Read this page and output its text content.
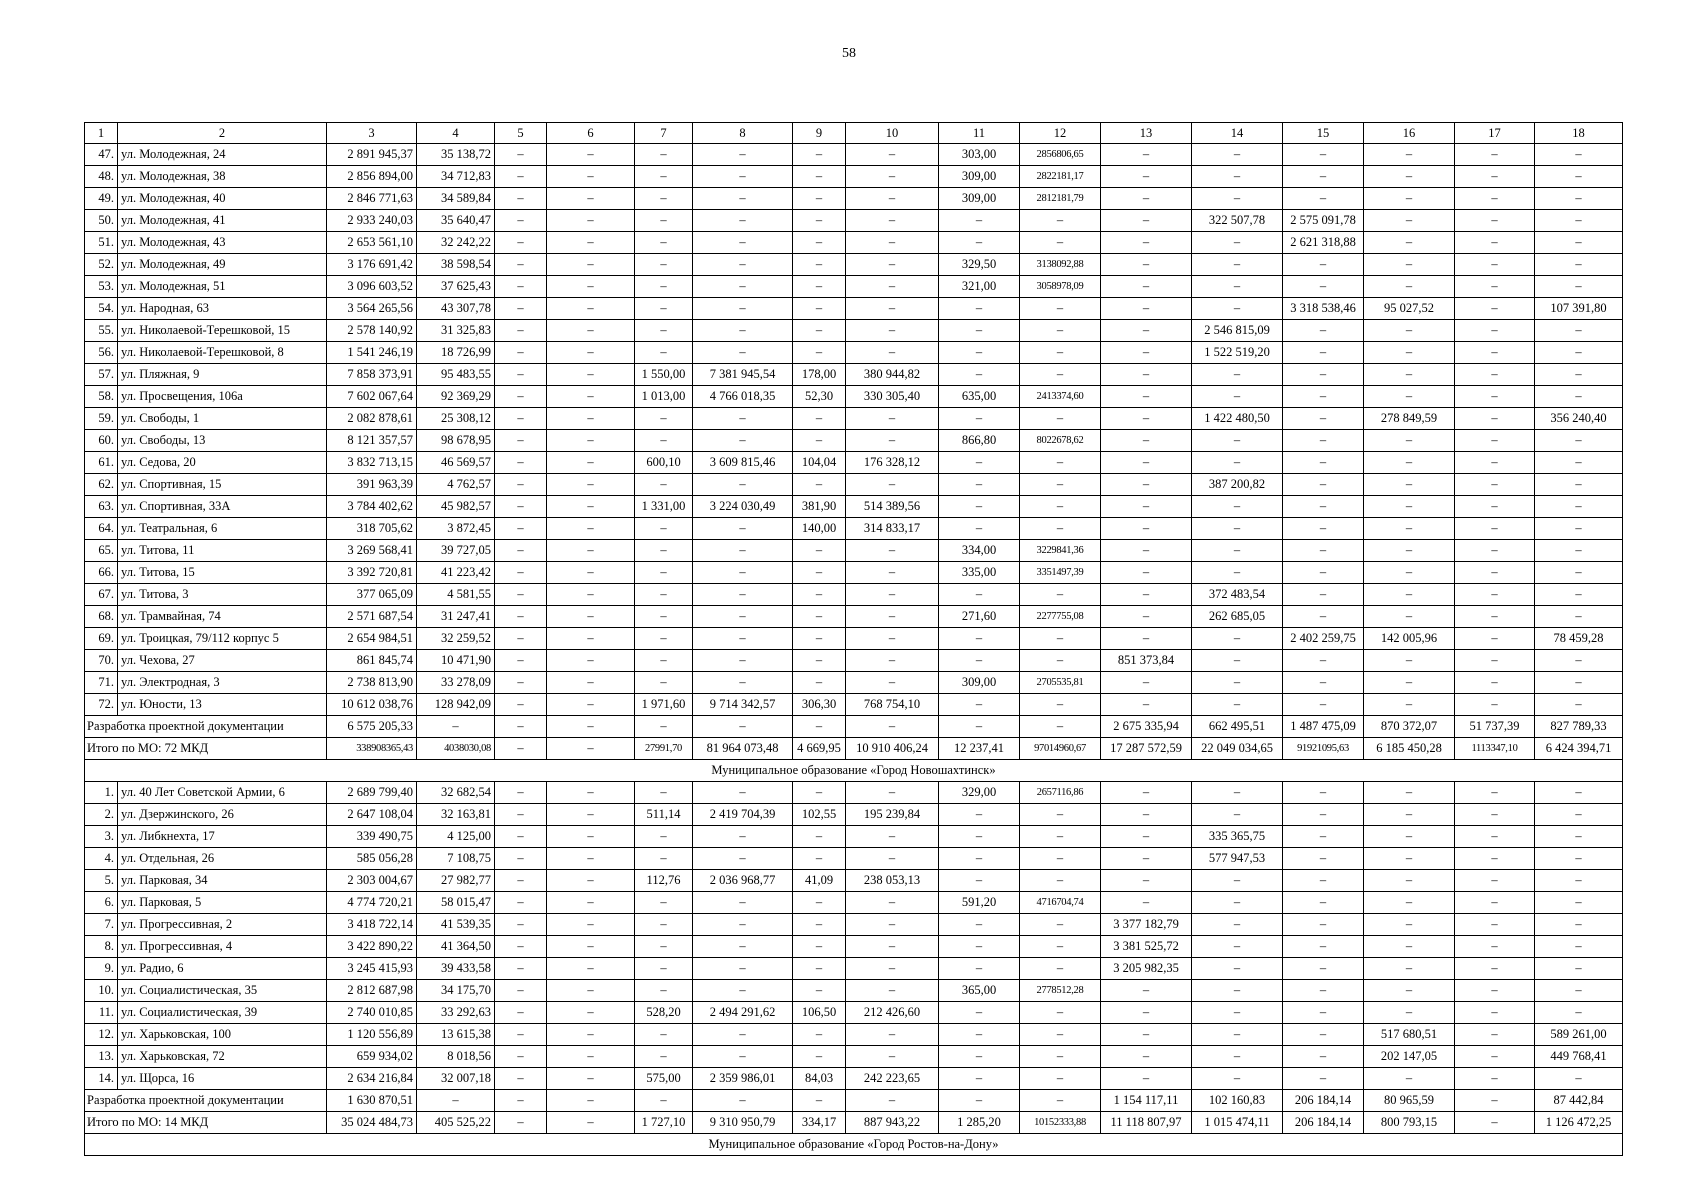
58
1	2	3	4	5	6	7	8	9	10	11	12	13	14	15	16	17	18
47.	ул. Молодежная, 24	2 891 945,37	35 138,72	–	–	–	–	–	–	303,00	2856806,65	–	–	–	–	–	–
48.	ул. Молодежная, 38	2 856 894,00	34 712,83	–	–	–	–	–	–	309,00	2822181,17	–	–	–	–	–	–
49.	ул. Молодежная, 40	2 846 771,63	34 589,84	–	–	–	–	–	–	309,00	2812181,79	–	–	–	–	–	–
50.	ул. Молодежная, 41	2 933 240,03	35 640,47	–	–	–	–	–	–	–	–	–	322 507,78	2 575 091,78	–	–	–
51.	ул. Молодежная, 43	2 653 561,10	32 242,22	–	–	–	–	–	–	–	–	–	–	2 621 318,88	–	–	–
52.	ул. Молодежная, 49	3 176 691,42	38 598,54	–	–	–	–	–	–	329,50	3138092,88	–	–	–	–	–	–
53.	ул. Молодежная, 51	3 096 603,52	37 625,43	–	–	–	–	–	–	321,00	3058978,09	–	–	–	–	–	–
54.	ул. Народная, 63	3 564 265,56	43 307,78	–	–	–	–	–	–	–	–	–	–	3 318 538,46	95 027,52	–	107 391,80
55.	ул. Николаевой-Терешковой, 15	2 578 140,92	31 325,83	–	–	–	–	–	–	–	–	–	2 546 815,09	–	–	–	–
56.	ул. Николаевой-Терешковой, 8	1 541 246,19	18 726,99	–	–	–	–	–	–	–	–	–	1 522 519,20	–	–	–	–
57.	ул. Пляжная, 9	7 858 373,91	95 483,55	–	–	1 550,00	7 381 945,54	178,00	380 944,82	–	–	–	–	–	–	–	–
58.	ул. Просвещения, 106а	7 602 067,64	92 369,29	–	–	1 013,00	4 766 018,35	52,30	330 305,40	635,00	2413374,60	–	–	–	–	–	–
59.	ул. Свободы, 1	2 082 878,61	25 308,12	–	–	–	–	–	–	–	–	–	1 422 480,50	–	278 849,59	–	356 240,40
60.	ул. Свободы, 13	8 121 357,57	98 678,95	–	–	–	–	–	–	866,80	8022678,62	–	–	–	–	–	–
61.	ул. Седова, 20	3 832 713,15	46 569,57	–	–	600,10	3 609 815,46	104,04	176 328,12	–	–	–	–	–	–	–	–
62.	ул. Спортивная, 15	391 963,39	4 762,57	–	–	–	–	–	–	–	–	–	387 200,82	–	–	–	–
63.	ул. Спортивная, 33А	3 784 402,62	45 982,57	–	–	1 331,00	3 224 030,49	381,90	514 389,56	–	–	–	–	–	–	–	–
64.	ул. Театральная, 6	318 705,62	3 872,45	–	–	–	–	140,00	314 833,17	–	–	–	–	–	–	–	–
65.	ул. Титова, 11	3 269 568,41	39 727,05	–	–	–	–	–	–	334,00	3229841,36	–	–	–	–	–	–
66.	ул. Титова, 15	3 392 720,81	41 223,42	–	–	–	–	–	–	335,00	3351497,39	–	–	–	–	–	–
67.	ул. Титова, 3	377 065,09	4 581,55	–	–	–	–	–	–	–	–	–	372 483,54	–	–	–	–
68.	ул. Трамвайная, 74	2 571 687,54	31 247,41	–	–	–	–	–	–	271,60	2277755,08	–	262 685,05	–	–	–	–
69.	ул. Троицкая, 79/112 корпус 5	2 654 984,51	32 259,52	–	–	–	–	–	–	–	–	–	–	2 402 259,75	142 005,96	–	78 459,28
70.	ул. Чехова, 27	861 845,74	10 471,90	–	–	–	–	–	–	–	–	851 373,84	–	–	–	–	–
71.	ул. Электродная, 3	2 738 813,90	33 278,09	–	–	–	–	–	–	309,00	2705535,81	–	–	–	–	–	–
72.	ул. Юности, 13	10 612 038,76	128 942,09	–	–	1 971,60	9 714 342,57	306,30	768 754,10	–	–	–	–	–	–	–	–
Разработка проектной документации		6 575 205,33	–	–	–	–	–	–	–	–	–	2 675 335,94	662 495,51	1 487 475,09	870 372,07	51 737,39	827 789,33
Итого по МО: 72 МКД		338908365,43	4038030,08	–	–	27991,70	81 964 073,48	4 669,95	10 910 406,24	12 237,41	97014960,67	17 287 572,59	22 049 034,65	91921095,63	6 185 450,28	1113347,10	6 424 394,71
Муниципальное образование «Город Новошахтинск»																	
1.	ул. 40 Лет Советской Армии, 6	2 689 799,40	32 682,54	–	–	–	–	–	–	329,00	2657116,86	–	–	–	–	–	–
2.	ул. Дзержинского, 26	2 647 108,04	32 163,81	–	–	511,14	2 419 704,39	102,55	195 239,84	–	–	–	–	–	–	–	–
3.	ул. Либкнехта, 17	339 490,75	4 125,00	–	–	–	–	–	–	–	–	–	335 365,75	–	–	–	–
4.	ул. Отдельная, 26	585 056,28	7 108,75	–	–	–	–	–	–	–	–	–	577 947,53	–	–	–	–
5.	ул. Парковая, 34	2 303 004,67	27 982,77	–	–	112,76	2 036 968,77	41,09	238 053,13	–	–	–	–	–	–	–	–
6.	ул. Парковая, 5	4 774 720,21	58 015,47	–	–	–	–	–	–	591,20	4716704,74	–	–	–	–	–	–
7.	ул. Прогрессивная, 2	3 418 722,14	41 539,35	–	–	–	–	–	–	–	–	3 377 182,79	–	–	–	–	–
8.	ул. Прогрессивная, 4	3 422 890,22	41 364,50	–	–	–	–	–	–	–	–	3 381 525,72	–	–	–	–	–
9.	ул. Радио, 6	3 245 415,93	39 433,58	–	–	–	–	–	–	–	–	3 205 982,35	–	–	–	–	–
10.	ул. Социалистическая, 35	2 812 687,98	34 175,70	–	–	–	–	–	–	365,00	2778512,28	–	–	–	–	–	–
11.	ул. Социалистическая, 39	2 740 010,85	33 292,63	–	–	528,20	2 494 291,62	106,50	212 426,60	–	–	–	–	–	–	–	–
12.	ул. Харьковская, 100	1 120 556,89	13 615,38	–	–	–	–	–	–	–	–	–	–	–	517 680,51	–	589 261,00
13.	ул. Харьковская, 72	659 934,02	8 018,56	–	–	–	–	–	–	–	–	–	–	–	202 147,05	–	449 768,41
14.	ул. Щорса, 16	2 634 216,84	32 007,18	–	–	575,00	2 359 986,01	84,03	242 223,65	–	–	–	–	–	–	–	–
Разработка проектной документации		1 630 870,51	–	–	–	–	–	–	–	–	–	1 154 117,11	102 160,83	206 184,14	80 965,59	–	87 442,84
Итого по МО: 14 МКД		35 024 484,73	405 525,22	–	–	1 727,10	9 310 950,79	334,17	887 943,22	1 285,20	10152333,88	11 118 807,97	1 015 474,11	206 184,14	800 793,15	–	1 126 472,25
Муниципальное образование «Город Ростов-на-Дону»																	
